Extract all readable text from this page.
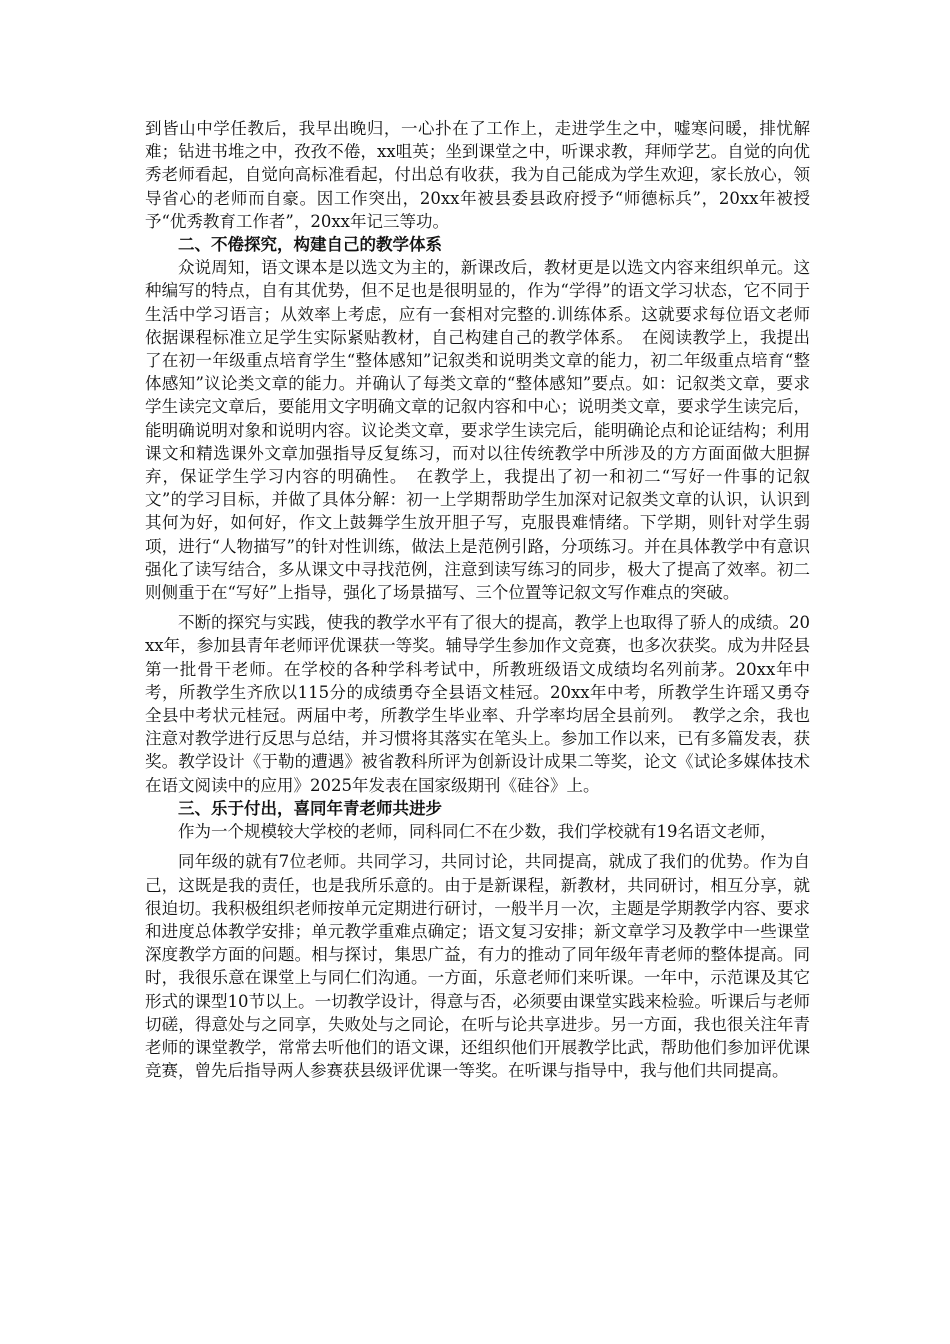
到皆山中学任教后，我早出晚归，一心扑在了工作上，走进学生之中，嘘寒问暖，排忧解难；钻进书堆之中，孜孜不倦，xx咀英；坐到课堂之中，听课求教，拜师学艺。自觉的向优秀老师看起，自觉向高标准看起，付出总有收获，我为自己能成为学生欢迎，家长放心，领导省心的老师而自豪。因工作突出，20xx年被县委县政府授予“师德标兵”，20xx年被授予“优秀教育工作者”，20xx年记三等功。

二、不倦探究，构建自己的教学体系

众说周知，语文课本是以选文为主的，新课改后，教材更是以选文内容来组织单元。这种编写的特点，自有其优势，但不足也是很明显的，作为“学得”的语文学习状态，它不同于生活中学习语言；从效率上考虑，应有一套相对完整的.训练体系。这就要求每位语文老师依据课程标准立足学生实际紧贴教材，自己构建自己的教学体系。　在阅读教学上，我提出了在初一年级重点培育学生“整体感知”记叙类和说明类文章的能力，初二年级重点培育“整体感知”议论类文章的能力。并确认了每类文章的“整体感知”要点。如：记叙类文章，要求学生读完文章后，要能用文字明确文章的记叙内容和中心；说明类文章，要求学生读完后，能明确说明对象和说明内容。议论类文章，要求学生读完后，能明确论点和论证结构；利用课文和精选课外文章加强指导反复练习，而对以往传统教学中所涉及的方方面面做大胆摒弃，保证学生学习内容的明确性。　在教学上，我提出了初一和初二“写好一件事的记叙文”的学习目标，并做了具体分解：初一上学期帮助学生加深对记叙类文章的认识，认识到其何为好，如何好，作文上鼓舞学生放开胆子写，克服畏难情绪。下学期，则针对学生弱项，进行“人物描写”的针对性训练，做法上是范例引路，分项练习。并在具体教学中有意识强化了读写结合，多从课文中寻找范例，注意到读写练习的同步，极大了提高了效率。初二则侧重于在“写好”上指导，强化了场景描写、三个位置等记叙文写作难点的突破。

不断的探究与实践，使我的教学水平有了很大的提高，教学上也取得了骄人的成绩。20xx年，参加县青年老师评优课获一等奖。辅导学生参加作文竞赛，也多次获奖。成为井陉县第一批骨干老师。在学校的各种学科考试中，所教班级语文成绩均名列前茅。20xx年中考，所教学生齐欣以115分的成绩勇夺全县语文桂冠。20xx年中考，所教学生许瑶又勇夺全县中考状元桂冠。两届中考，所教学生毕业率、升学率均居全县前列。　教学之余，我也注意对教学进行反思与总结，并习惯将其落实在笔头上。参加工作以来，已有多篇发表，获奖。教学设计《于勒的遭遇》被省教科所评为创新设计成果二等奖，论文《试论多媒体技术在语文阅读中的应用》2025年发表在国家级期刊《硅谷》上。

三、乐于付出，喜同年青老师共进步

作为一个规模较大学校的老师，同科同仁不在少数，我们学校就有19名语文老师，

同年级的就有7位老师。共同学习，共同讨论，共同提高，就成了我们的优势。作为自己，这既是我的责任，也是我所乐意的。由于是新课程，新教材，共同研讨，相互分享，就很迫切。我积极组织老师按单元定期进行研讨，一般半月一次，主题是学期教学内容、要求和进度总体教学安排；单元教学重难点确定；语文复习安排；新文章学习及教学中一些课堂深度教学方面的问题。相与探讨，集思广益，有力的推动了同年级年青老师的整体提高。同时，我很乐意在课堂上与同仁们沟通。一方面，乐意老师们来听课。一年中，示范课及其它形式的课型10节以上。一切教学设计，得意与否，必须要由课堂实践来检验。听课后与老师切磋，得意处与之同享，失败处与之同论，在听与论共享进步。另一方面，我也很关注年青老师的课堂教学，常常去听他们的语文课，还组织他们开展教学比武，帮助他们参加评优课竞赛，曾先后指导两人参赛获县级评优课一等奖。在听课与指导中，我与他们共同提高。
